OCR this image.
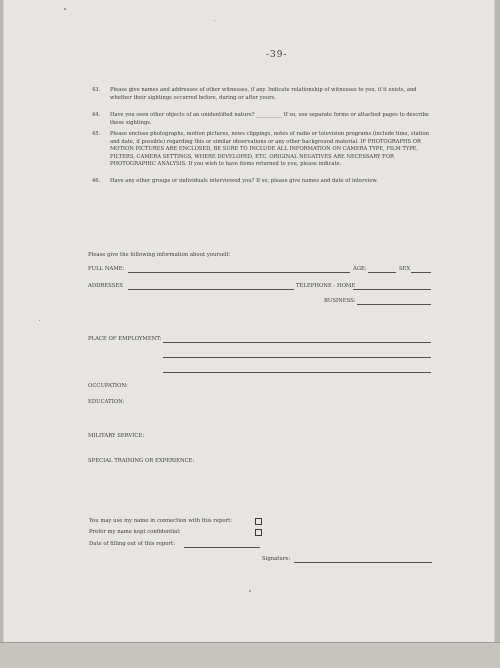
-39-
43. Please give names and addresses of other witnesses, if any. Indicate relationship of witnesses to you, if it exists, and whether their sightings occurred before, during or after yours.
44. Have you seen other objects of an unidentified nature? __________ If so, use separate forms or attached pages to describe these sightings.
45. Please enclose photographs, motion pictures, news clippings, notes of radio or television programs (include time, station and date, if possible) regarding this or similar observations or any other background material. IF PHOTOGRAPHS OR MOTION PICTURES ARE ENCLOSED, BE SURE TO INCLUDE ALL INFORMATION ON CAMERA TYPE, FILM TYPE, FILTERS, CAMERA SETTINGS, WHERE DEVELOPED, ETC. ORIGINAL NEGATIVES ARE NECESSARY FOR PHOTOGRAPHIC ANALYSIS. If you wish to have items returned to you, please indicate.
46. Have any other groups or individuals interviewed you? If so, please give names and date of interview.
Please give the following information about yourself:
FULL NAME:	AGE:	SEX
ADDRESSES	TELEPHONE - HOME
BUSINESS:
PLACE OF EMPLOYMENT:
OCCUPATION:
EDUCATION:
MILITARY SERVICE:
SPECIAL TRAINING OR EXPERIENCE:
You may use my name in connection with this report:
Prefer my name kept confidential:
Date of filling out of this report:
Signature:
